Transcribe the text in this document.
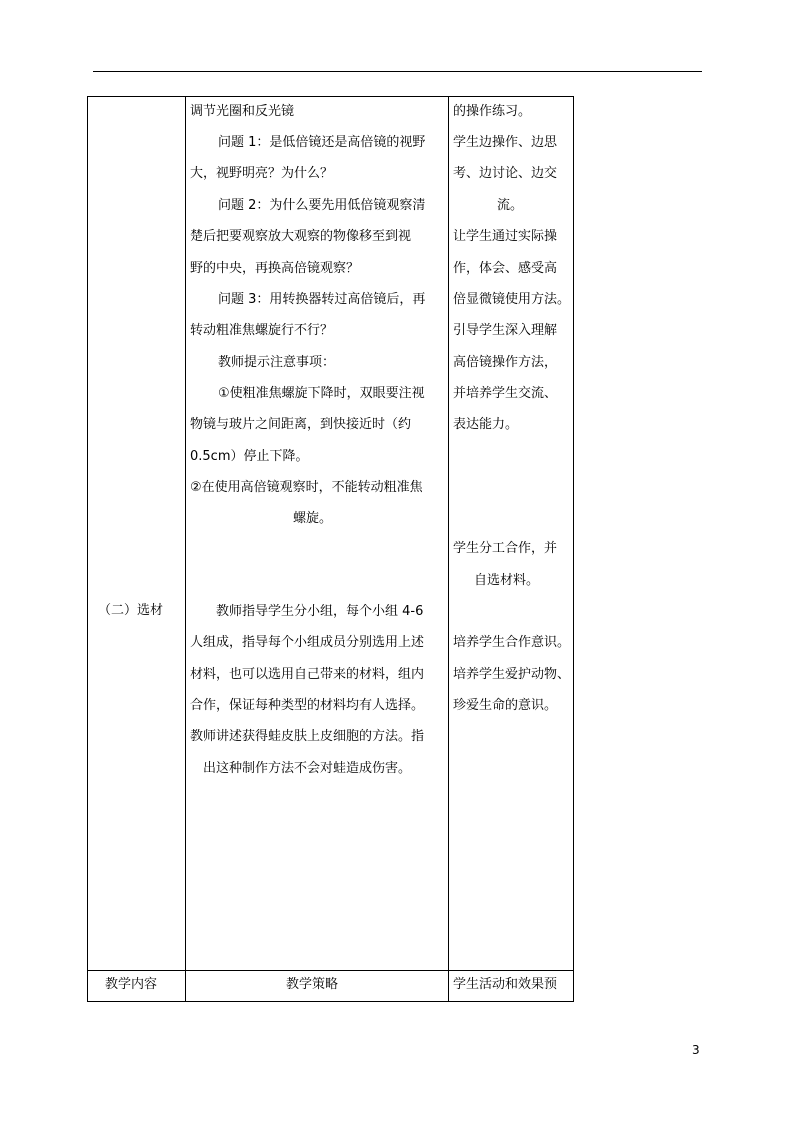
（二）选材
调节光圈和反光镜
问题 1：是低倍镜还是高倍镜的视野
大，视野明亮？为什么？
问题 2：为什么要先用低倍镜观察清
楚后把要观察放大观察的物像移至到视
野的中央，再换高倍镜观察？
问题 3：用转换器转过高倍镜后，再
转动粗准焦螺旋行不行？
教师提示注意事项：
①使粗准焦螺旋下降时，双眼要注视
物镜与玻片之间距离，到快接近时（约
0.5cm）停止下降。
②在使用高倍镜观察时，不能转动粗准焦
螺旋。
教师指导学生分小组，每个小组 4-6
人组成，指导每个小组成员分别选用上述
材料，也可以选用自己带来的材料，组内
合作，保证每种类型的材料均有人选择。
教师讲述获得蛙皮肤上皮细胞的方法。指
出这种制作方法不会对蛙造成伤害。
的操作练习。
学生边操作、边思
考、边讨论、边交
流。
让学生通过实际操
作，体会、感受高
倍显微镜使用方法。
引导学生深入理解
高倍镜操作方法，
并培养学生交流、
表达能力。
学生分工合作，并
自选材料。
培养学生合作意识。
培养学生爱护动物、
珍爱生命的意识。
教学内容	教学策略	学生活动和效果预
3
